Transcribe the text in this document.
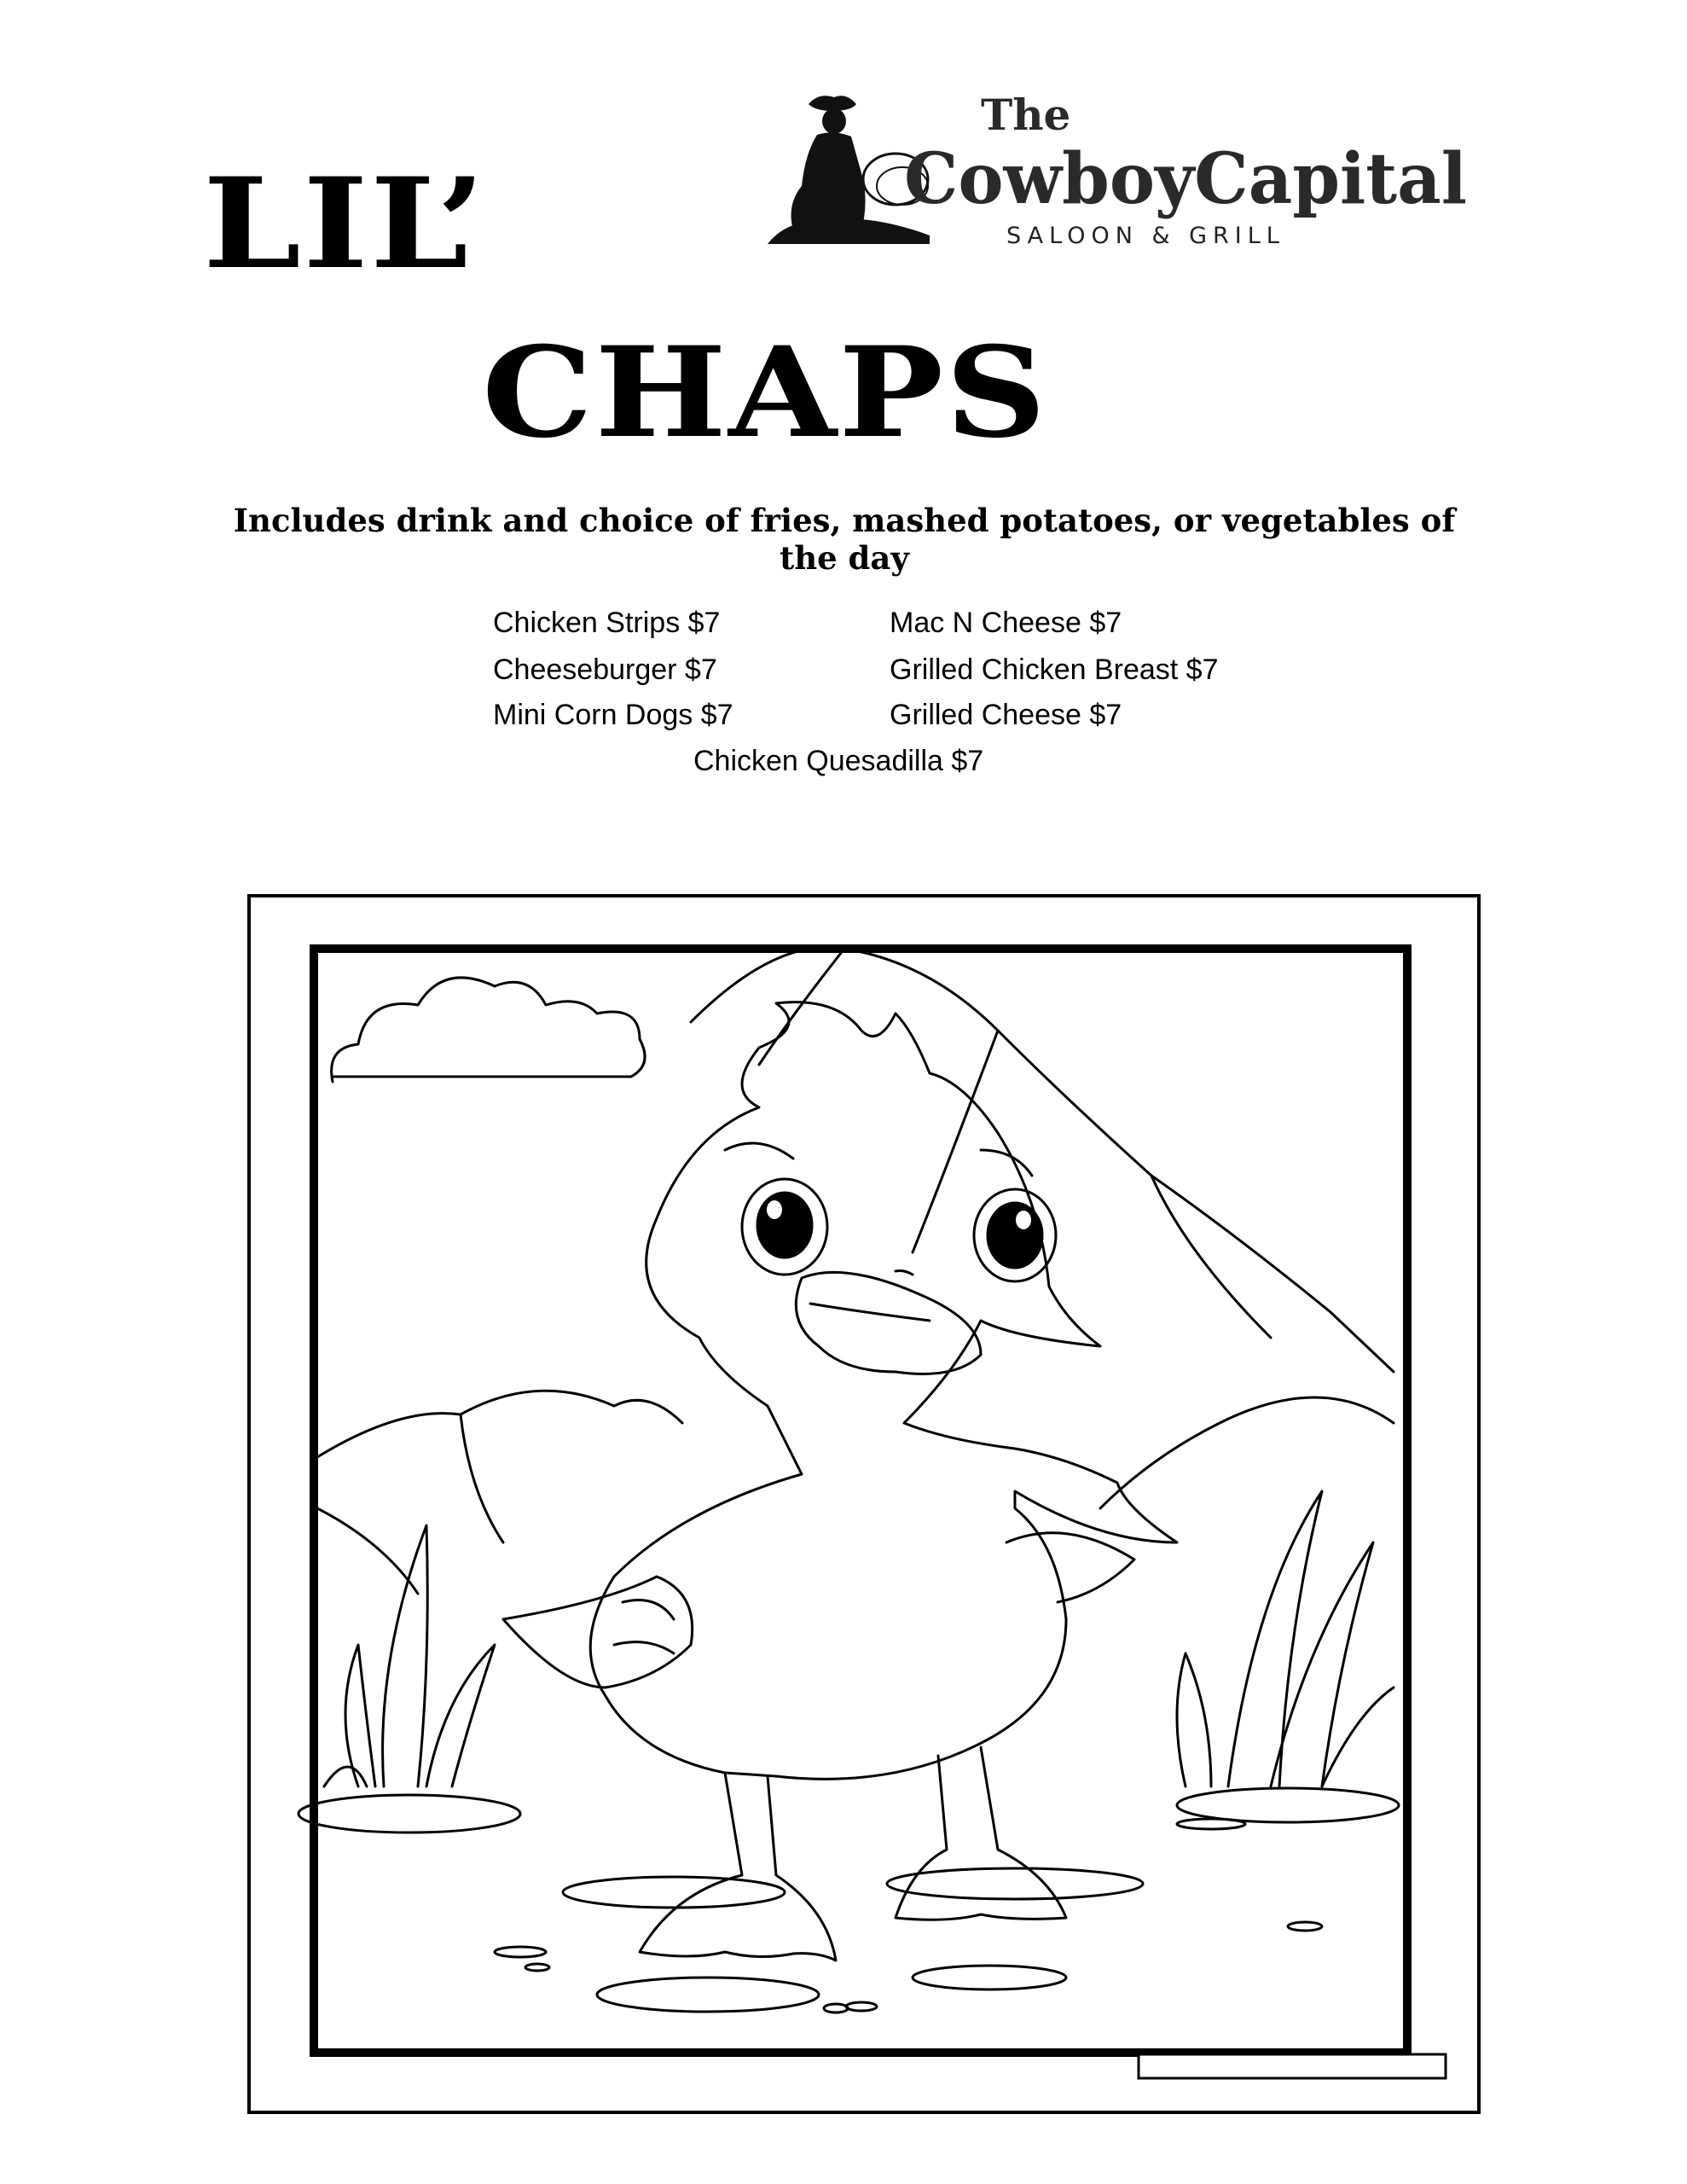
LIL’
CHAPS
The
CowboyCapital
SALOON & GRILL
Includes drink and choice of fries, mashed potatoes, or vegetables of the day
Chicken Strips $7	Mac N Cheese $7
Cheeseburger $7	Grilled Chicken Breast $7
Mini Corn Dogs $7	Grilled Cheese $7
Chicken Quesadilla $7
